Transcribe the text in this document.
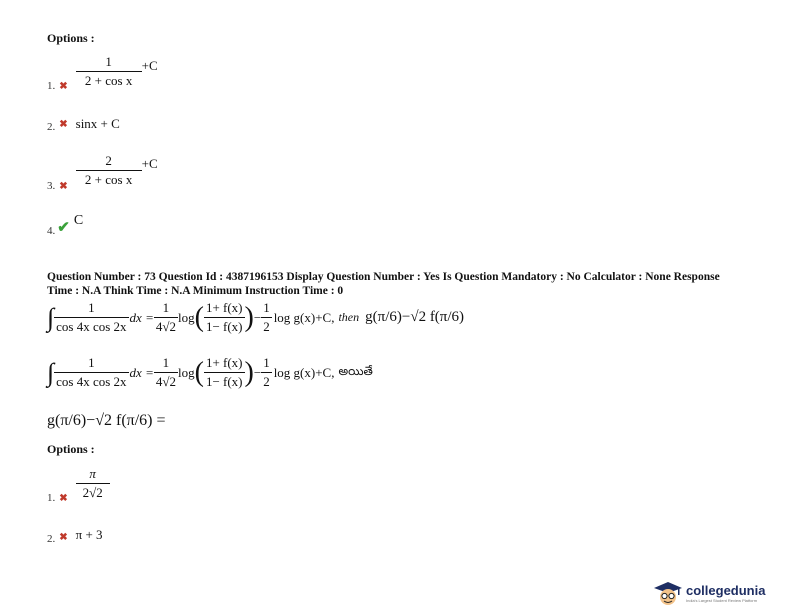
Options :
1. ✖ $\frac{1}{\text{2 + cos x}} +C$
2. ✖ sinx + C
3. ✖ $\frac{2}{\text{2 + cos x}} +C$
4. ✔ C
Question Number : 73 Question Id : 4387196153 Display Question Number : Yes Is Question Mandatory : No Calculator : None Response
Time : N.A Think Time : N.A Minimum Instruction Time : 0
∫ $\frac{1}{\text{cos 4x cos 2x}}$ dx = $\frac{1}{4√2}$ log ( $\frac{1+ f(x)}{1- f(x)}$ ) − $\frac{1}{2}$ log g(x)+C, then g(π/6)−√2 f(π/6)
∫ $\frac{1}{\text{cos 4x cos 2x}}$ dx = $\frac{1}{4√2}$ log ( $\frac{1+ f(x)}{1- f(x)}$ ) − $\frac{1}{2}$ log g(x)+C, అయితే
g(π/6)−√2 f(π/6) =
Options :
1. ✖ $\frac{\pi}{2√2}$
2. ✖ π + 3
collegedunia
India's Largest Student Review Platform
